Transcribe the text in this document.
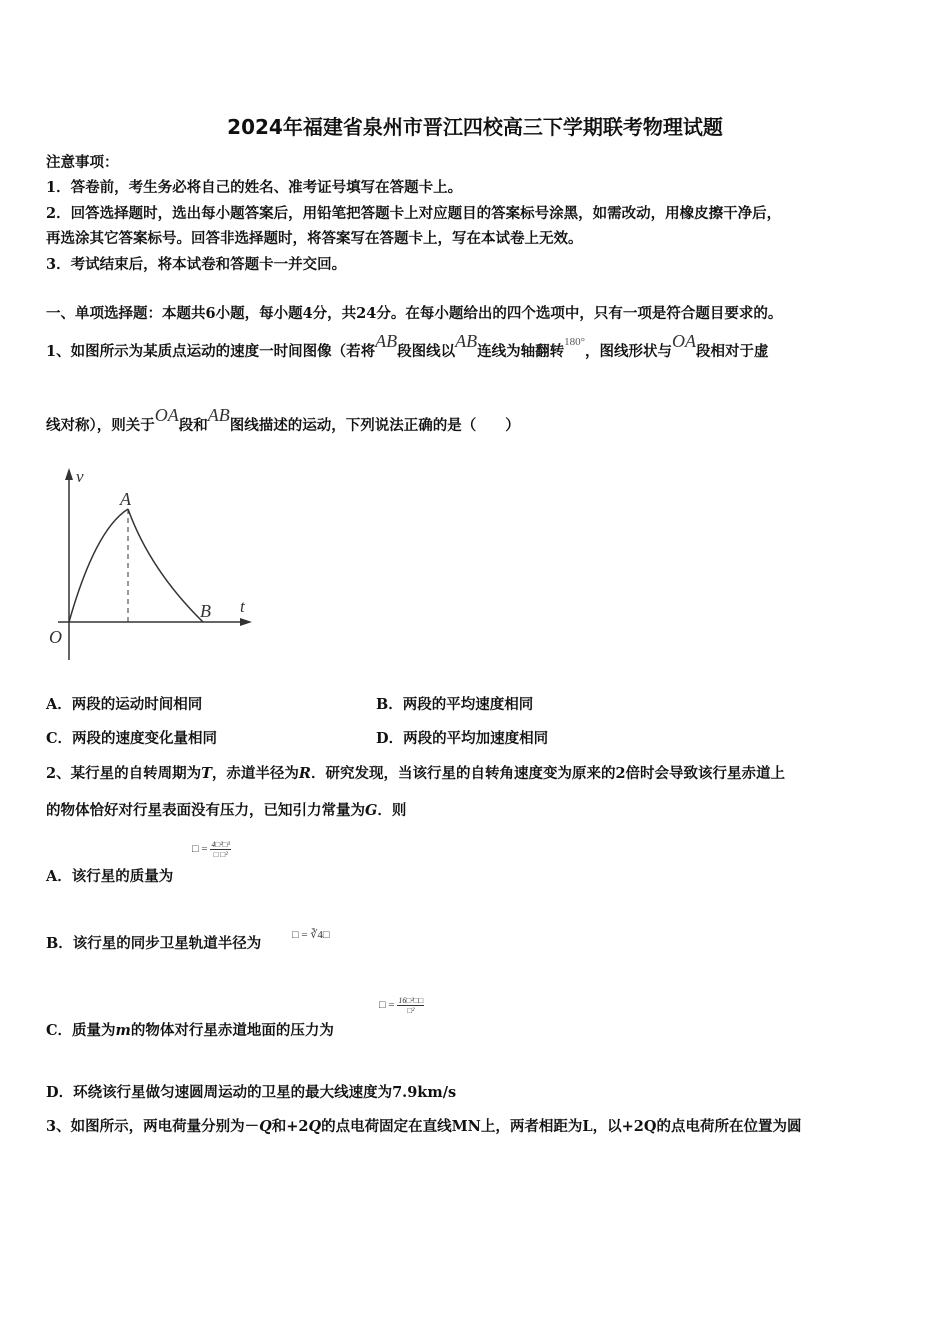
2024年福建省泉州市晋江四校高三下学期联考物理试题
注意事项：
1．答卷前，考生务必将自己的姓名、准考证号填写在答题卡上。
2．回答选择题时，选出每小题答案后，用铅笔把答题卡上对应题目的答案标号涂黑，如需改动，用橡皮擦干净后，
再选涂其它答案标号。回答非选择题时，将答案写在答题卡上，写在本试卷上无效。
3．考试结束后，将本试卷和答题卡一并交回。
一、单项选择题：本题共6小题，每小题4分，共24分。在每小题给出的四个选项中，只有一项是符合题目要求的。
1、如图所示为某质点运动的速度一时间图像（若将AB段图线以AB连线为轴翻转$^{180^\circ}$，图线形状与OA段相对于虚
线对称），则关于OA段和AB图线描述的运动，下列说法正确的是（　　）
v
A
B t
O
A．两段的运动时间相同	B．两段的平均速度相同
C．两段的速度变化量相同	D．两段的平均加速度相同
2、某行星的自转周期为T，赤道半径为R．研究发现，当该行星的自转角速度变为原来的2倍时会导致该行星赤道上
的物体恰好对行星表面没有压力，已知引力常量为G．则
A．该行星的质量为
□ = $\frac{\text{4□²□³}}{\text{□ □²}}$
B．该行星的同步卫星轨道半径为	□ = ∛4□
C．质量为m的物体对行星赤道地面的压力为
□ = $\frac{\text{16□²□□}}{\text{□²}}$
D．环绕该行星做匀速圆周运动的卫星的最大线速度为7.9km/s
3、如图所示，两电荷量分别为－Q和+2Q的点电荷固定在直线MN上，两者相距为L，以+2Q的点电荷所在位置为圆
